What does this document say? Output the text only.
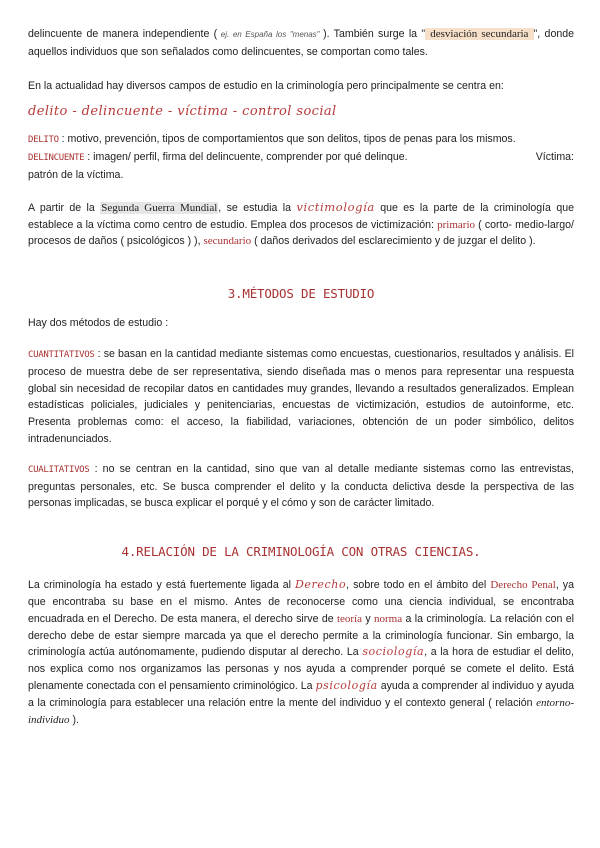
delincuente de manera independiente ( ej. en España los "menas" ). También surge la " desviación secundaria ", donde aquellos individuos que son señalados como delincuentes, se comportan como tales.

En la actualidad hay diversos campos de estudio en la criminología pero principalmente se centra en:

delito - delincuente - víctima - control social

DELITO : motivo, prevención, tipos de comportamientos que son delitos, tipos de penas para los mismos.

DELINCUENTE : imagen/ perfil, firma del delincuente, comprender por qué delinque.	Víctima:

patrón de la víctima.

A partir de la Segunda Guerra Mundial, se estudia la victimología que es la parte de la criminología que establece a la víctima como centro de estudio. Emplea dos procesos de victimización: primario ( corto- medio-largo/ procesos de daños ( psicológicos ) ), secundario ( daños derivados del esclarecimiento y de juzgar el delito ).

3.MÉTODOS DE ESTUDIO

Hay dos métodos de estudio :

CUANTITATIVOS : se basan en la cantidad mediante sistemas como encuestas, cuestionarios, resultados y análisis. El proceso de muestra debe de ser representativa, siendo diseñada mas o menos para representar una respuesta global sin necesidad de recopilar datos en cantidades muy grandes, llevando a resultados generalizados. Emplean estadísticas policiales, judiciales y penitenciarias, encuestas de victimización, estudios de autoinforme, etc. Presenta problemas como: el acceso, la fiabilidad, variaciones, obtención de un poder simbólico, delitos intradenunciados.

CUALITATIVOS : no se centran en la cantidad, sino que van al detalle mediante sistemas como las entrevistas, preguntas personales, etc. Se busca comprender el delito y la conducta delictiva desde la perspectiva de las personas implicadas, se busca explicar el porqué y el cómo y son de carácter limitado.

4.RELACIÓN DE LA CRIMINOLOGÍA CON OTRAS CIENCIAS.

La criminología ha estado y está fuertemente ligada al Derecho, sobre todo en el ámbito del Derecho Penal, ya que encontraba su base en el mismo. Antes de reconocerse como una ciencia individual, se encontraba encuadrada en el Derecho. De esta manera, el derecho sirve de teoría y norma a la criminología. La relación con el derecho debe de estar siempre marcada ya que el derecho permite a la criminología funcionar. Sin embargo, la criminología actúa autónomamente, pudiendo disputar al derecho. La sociología, a la hora de estudiar el delito, nos explica como nos organizamos las personas y nos ayuda a comprender porqué se comete el delito. Está plenamente conectada con el pensamiento criminológico. La psicología ayuda a comprender al individuo y ayuda a la criminología para establecer una relación entre la mente del individuo y el contexto general ( relación entorno-individuo ).
